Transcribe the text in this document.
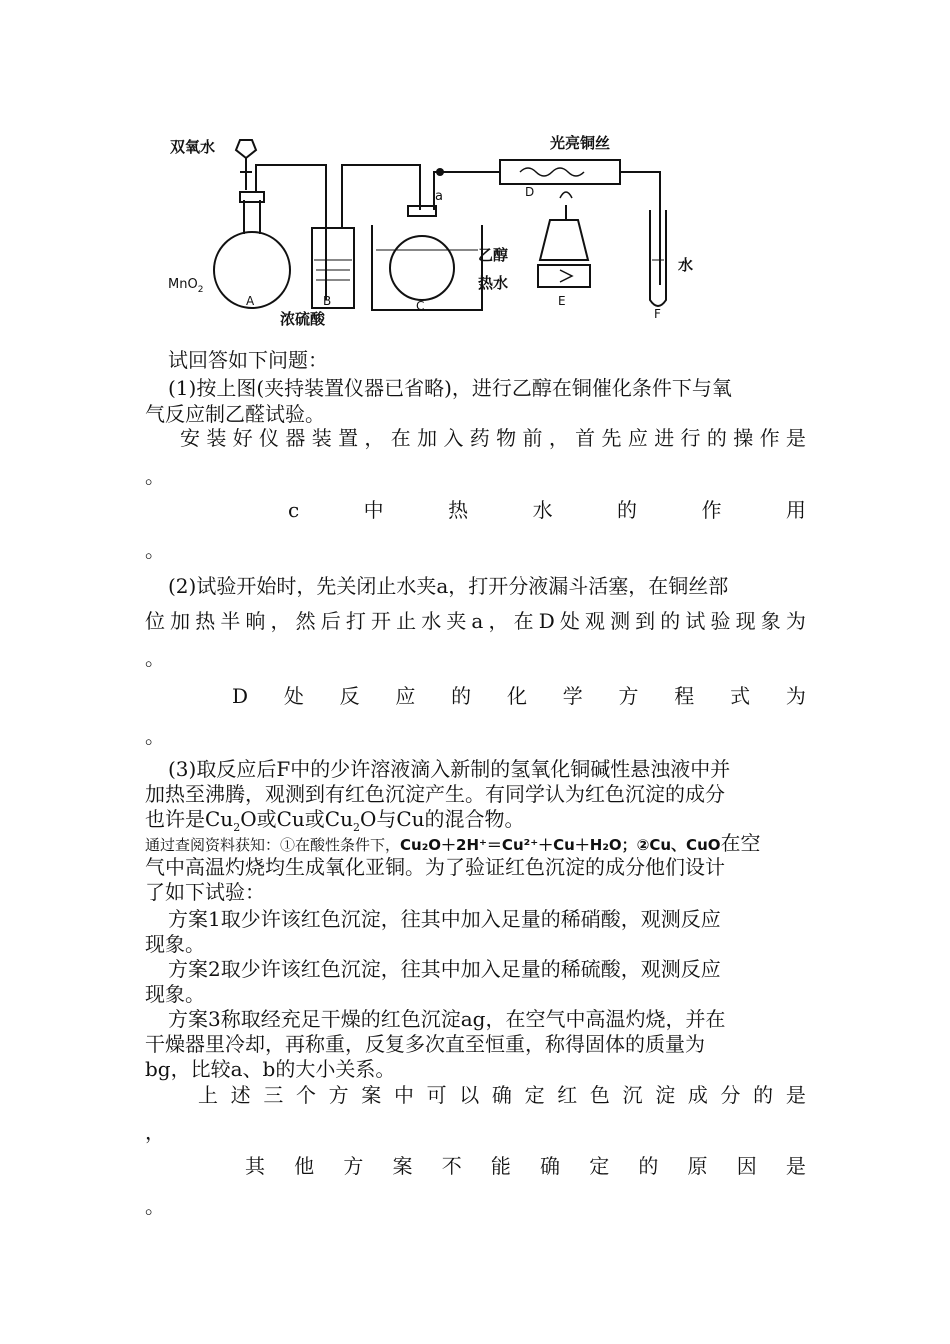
双氧水	光亮铜丝
MnO$_2$
a
乙醇
热水
水
浓硫酸
A	B	C
D
E
F
试回答如下问题：
(1)按上图(夹持装置仪器已省略)，进行乙醇在铜催化条件下与氧
气反应制乙醛试验。
安 装 好 仪 器 装 置 ， 在 加 入 药 物 前 ， 首 先 应 进 行 的 操 作 是
。
c	中	热	水	的	作	用
。
(2)试验开始时，先关闭止水夹a，打开分液漏斗活塞，在铜丝部
位 加 热 半 晌 ， 然 后 打 开 止 水 夹 a ， 在 D 处 观 测 到 的 试 验 现 象 为
。
D 处 反 应 的 化 学 方 程 式 为
。
(3)取反应后F中的少许溶液滴入新制的氢氧化铜碱性悬浊液中并
加热至沸腾，观测到有红色沉淀产生。有同学认为红色沉淀的成分
也许是$Cu_2O$或Cu或$Cu_2O$与Cu的混合物。
通过查阅资料获知：①在酸性条件下，Cu₂O＋2H⁺＝Cu²⁺＋Cu＋H₂O；②Cu、CuO在空
气中高温灼烧均生成氧化亚铜。为了验证红色沉淀的成分他们设计
了如下试验：
方案1取少许该红色沉淀，往其中加入足量的稀硝酸，观测反应
现象。
方案2取少许该红色沉淀，往其中加入足量的稀硫酸，观测反应
现象。
方案3称取经充足干燥的红色沉淀ag，在空气中高温灼烧，并在
干燥器里冷却，再称重，反复多次直至恒重，称得固体的质量为
bg，比较a、b的大小关系。
上 述 三 个 方 案 中 可 以 确 定 红 色 沉 淀 成 分 的 是
，
其 他 方 案 不 能 确 定 的 原 因 是
。
